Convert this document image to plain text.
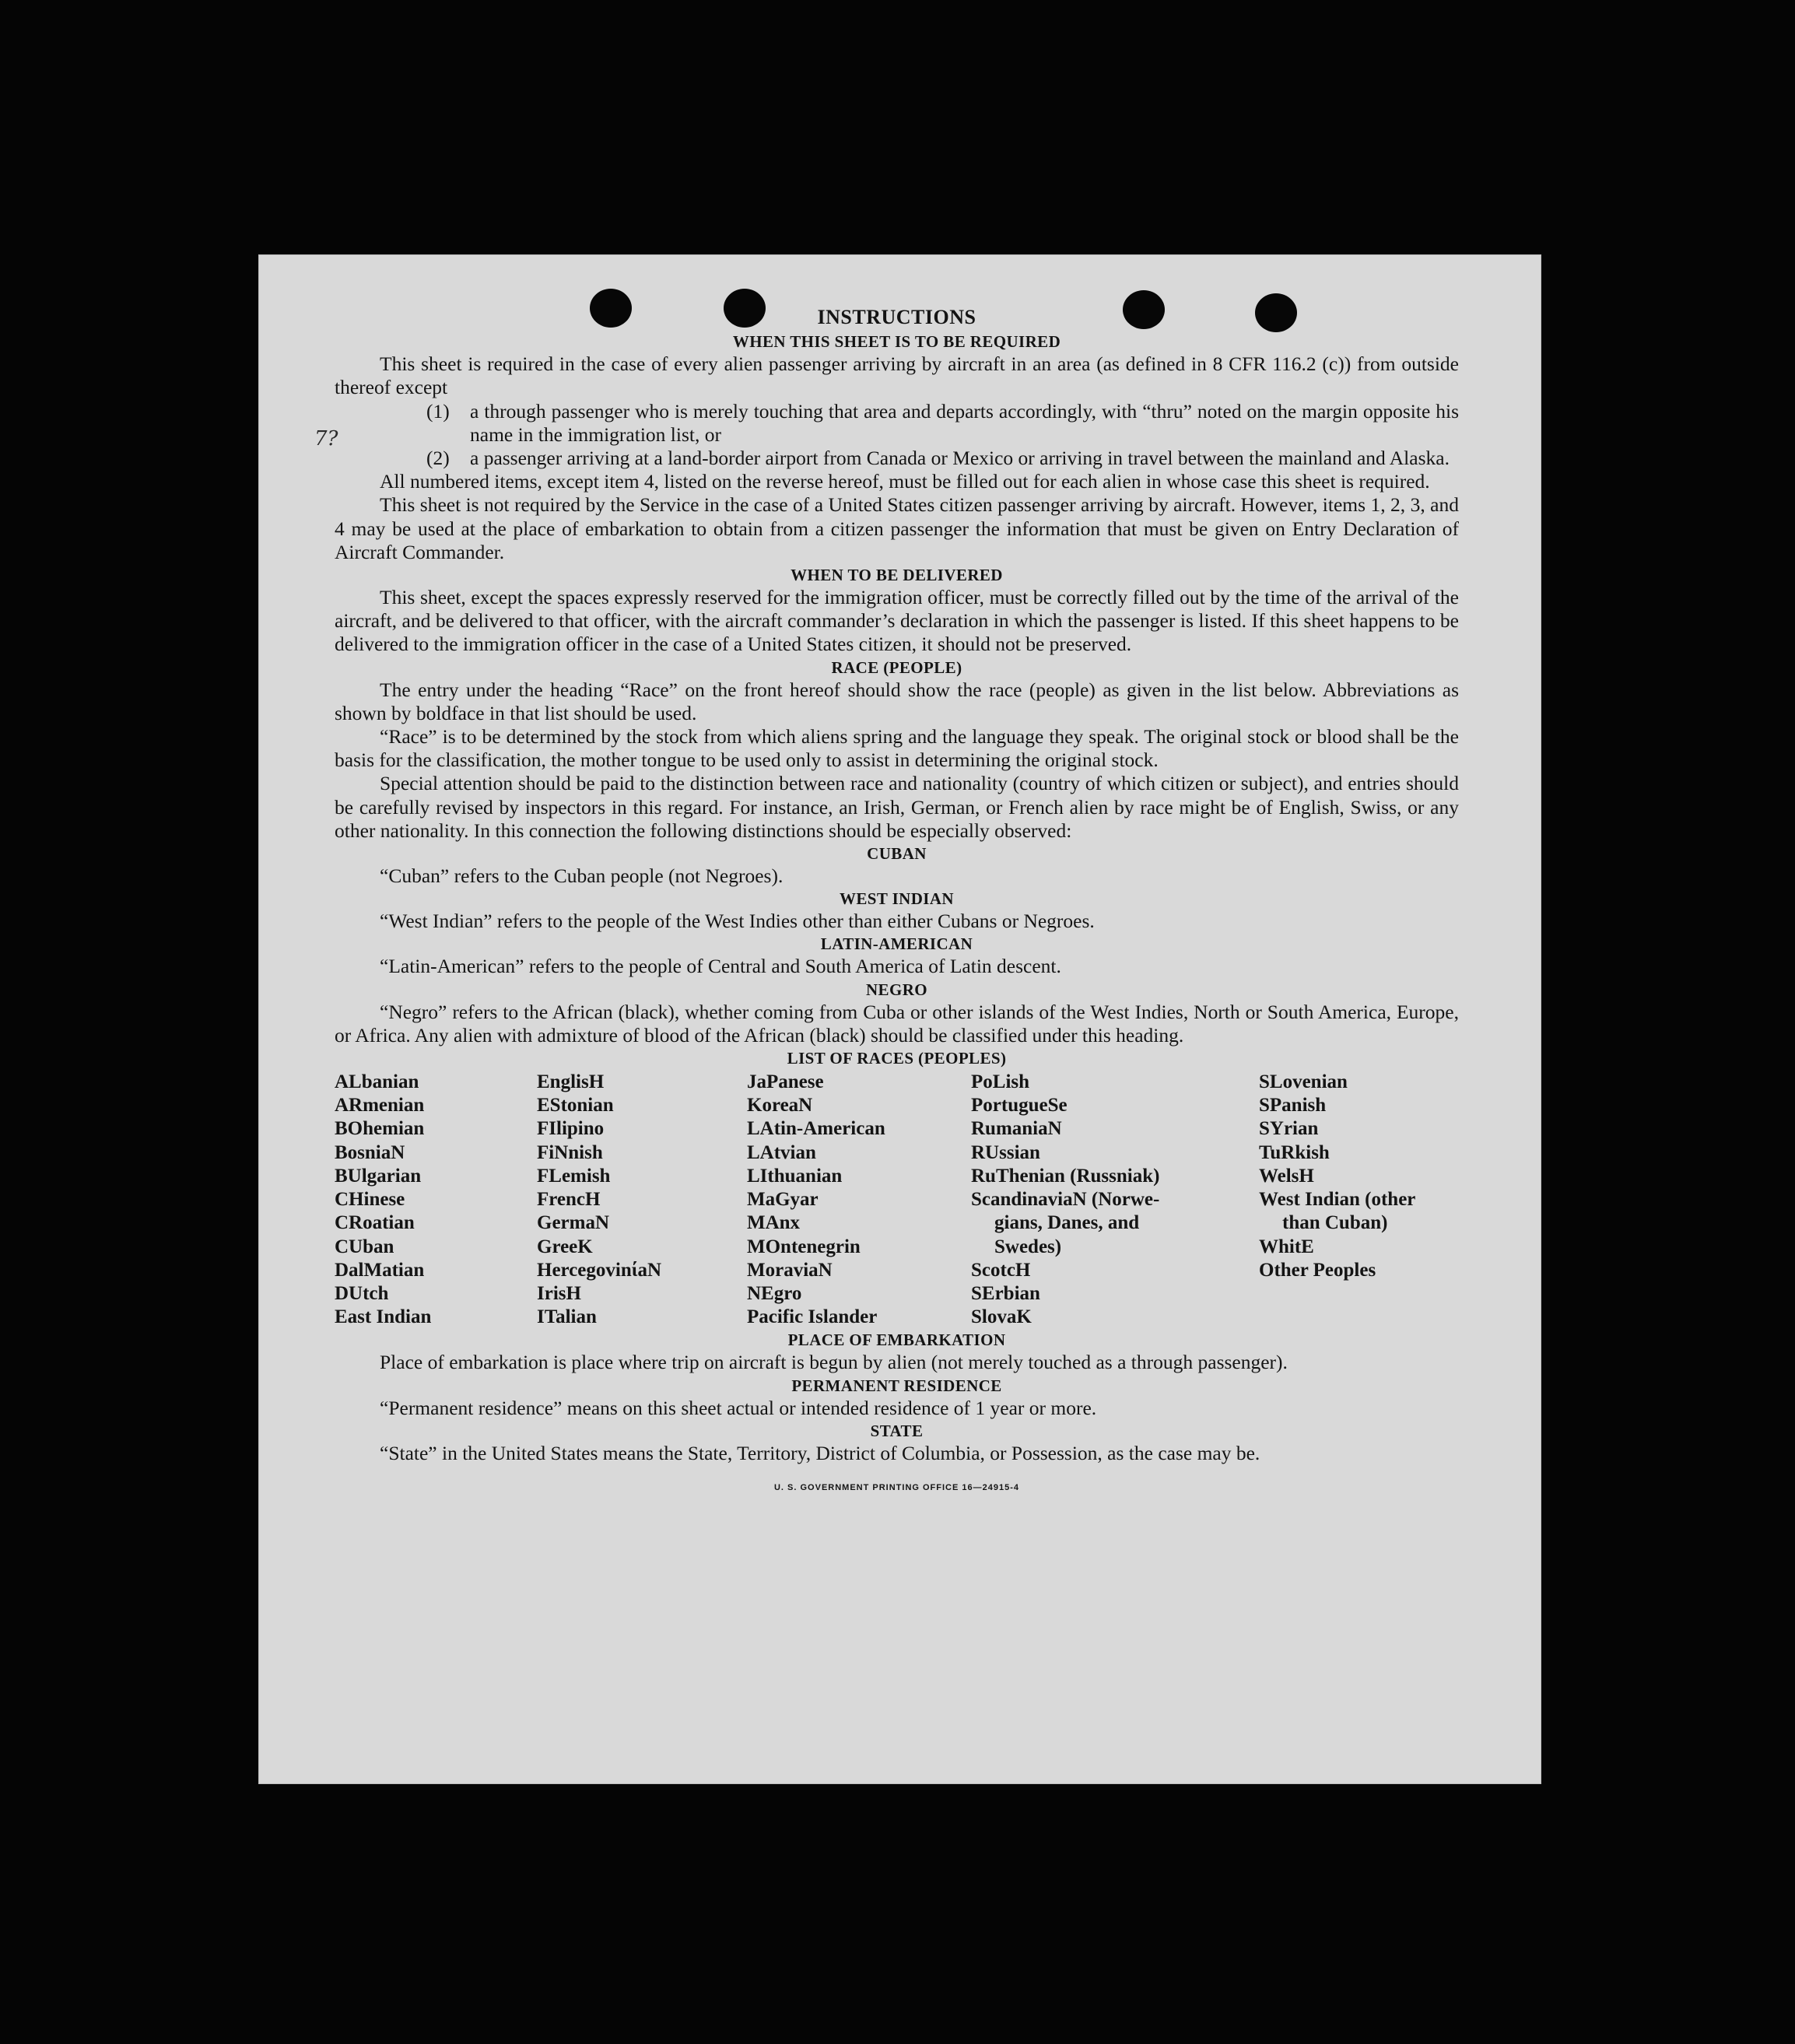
7?
INSTRUCTIONS
WHEN THIS SHEET IS TO BE REQUIRED

This sheet is required in the case of every alien passenger arriving by aircraft in an area (as defined in 8 CFR 116.2 (c)) from outside thereof except

(1)	a through passenger who is merely touching that area and departs accordingly, with “thru” noted on the margin opposite his name in the immigration list, or
(2)	a passenger arriving at a land-border airport from Canada or Mexico or arriving in travel between the mainland and Alaska.

All numbered items, except item 4, listed on the reverse hereof, must be filled out for each alien in whose case this sheet is required.

This sheet is not required by the Service in the case of a United States citizen passenger arriving by aircraft. However, items 1, 2, 3, and 4 may be used at the place of embarkation to obtain from a citizen passenger the information that must be given on Entry Declaration of Aircraft Commander.

WHEN TO BE DELIVERED

This sheet, except the spaces expressly reserved for the immigration officer, must be correctly filled out by the time of the arrival of the aircraft, and be delivered to that officer, with the aircraft commander’s declaration in which the passenger is listed. If this sheet happens to be delivered to the immigration officer in the case of a United States citizen, it should not be preserved.

RACE (PEOPLE)

The entry under the heading “Race” on the front hereof should show the race (people) as given in the list below. Abbreviations as shown by boldface in that list should be used.

“Race” is to be determined by the stock from which aliens spring and the language they speak. The original stock or blood shall be the basis for the classification, the mother tongue to be used only to assist in determining the original stock.

Special attention should be paid to the distinction between race and nationality (country of which citizen or subject), and entries should be carefully revised by inspectors in this regard. For instance, an Irish, German, or French alien by race might be of English, Swiss, or any other nationality. In this connection the following distinctions should be especially observed:

CUBAN

“Cuban” refers to the Cuban people (not Negroes).

WEST INDIAN

“West Indian” refers to the people of the West Indies other than either Cubans or Negroes.

LATIN-AMERICAN

“Latin-American” refers to the people of Central and South America of Latin descent.

NEGRO

“Negro” refers to the African (black), whether coming from Cuba or other islands of the West Indies, North or South America, Europe, or Africa. Any alien with admixture of blood of the African (black) should be classified under this heading.

LIST OF RACES (PEOPLES)
ALbanian
ARmenian
BOhemian
BosniaN
BUlgarian
CHinese
CRoatian
CUban
DalMatian
DUtch
East Indian
EnglisH
EStonian
FIlipino
FiNnish
FLemish
FrencH
GermaN
GreeK
HercegovinίaN
IrisH
ITalian
JaPanese
KoreaN
LAtin-American
LAtvian
LIthuanian
MaGyar
MAnx
MOntenegrin
MoraviaN
NEgro
Pacific Islander
PoLish
PortugueSe
RumaniaN
RUssian
RuThenian (Russniak)
ScandinaviaN (Norwe-
gians, Danes, and
Swedes)
ScotcH
SErbian
SlovaK
SLovenian
SPanish
SYrian
TuRkish
WelsH
West Indian (other
than Cuban)
WhitE
Other Peoples
PLACE OF EMBARKATION

Place of embarkation is place where trip on aircraft is begun by alien (not merely touched as a through passenger).

PERMANENT RESIDENCE

“Permanent residence” means on this sheet actual or intended residence of 1 year or more.

STATE

“State” in the United States means the State, Territory, District of Columbia, or Possession, as the case may be.

U. S. GOVERNMENT PRINTING OFFICE 16—24915-4
